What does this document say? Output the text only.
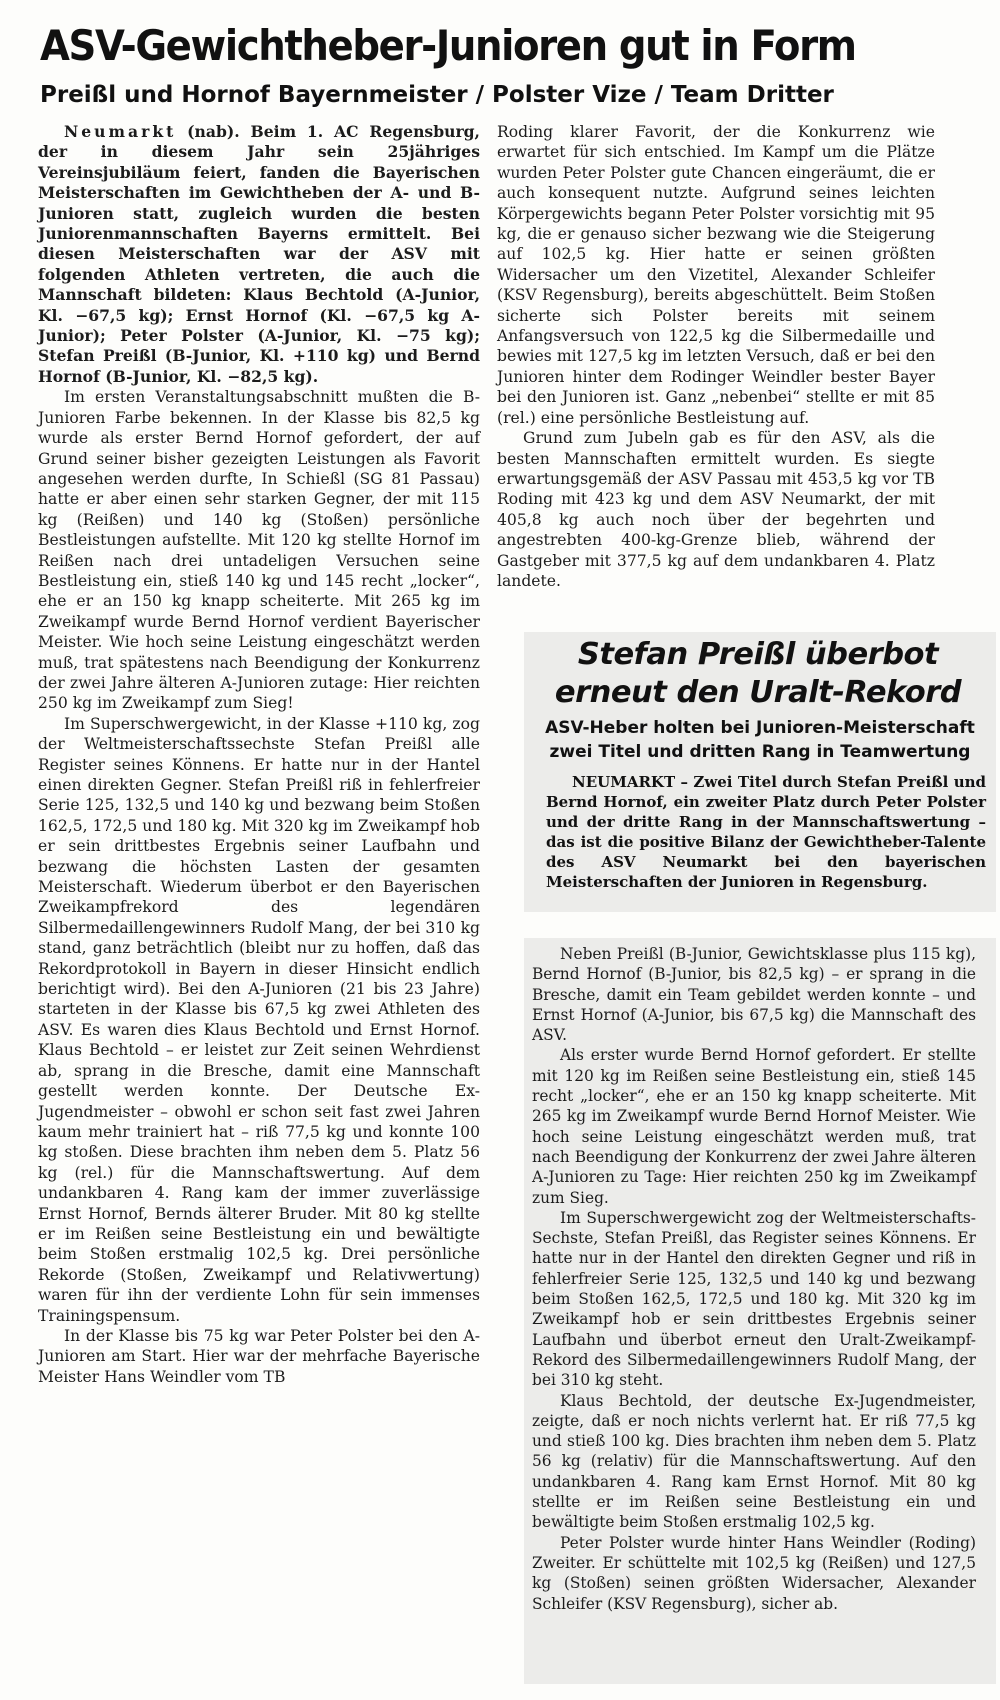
ASV-Gewichtheber-Junioren gut in Form
Preißl und Hornof Bayernmeister / Polster Vize / Team Dritter

Neumarkt (nab). Beim 1. AC Regensburg, der in diesem Jahr sein 25jähriges Vereinsjubiläum feiert, fanden die Bayerischen Meisterschaften im Gewichtheben der A- und B-Junioren statt, zugleich wurden die besten Juniorenmannschaften Bayerns ermittelt. Bei diesen Meisterschaften war der ASV mit folgenden Athleten vertreten, die auch die Mannschaft bildeten: Klaus Bechtold (A-Junior, Kl. −67,5 kg); Ernst Hornof (Kl. −67,5 kg A-Junior); Peter Polster (A-Junior, Kl. −75 kg); Stefan Preißl (B-Junior, Kl. +110 kg) und Bernd Hornof (B-Junior, Kl. −82,5 kg).

Im ersten Veranstaltungsabschnitt mußten die B-Junioren Farbe bekennen. In der Klasse bis 82,5 kg wurde als erster Bernd Hornof gefordert, der auf Grund seiner bisher gezeigten Leistungen als Favorit angesehen werden durfte, In Schießl (SG 81 Passau) hatte er aber einen sehr starken Gegner, der mit 115 kg (Reißen) und 140 kg (Stoßen) persönliche Bestleistungen aufstellte. Mit 120 kg stellte Hornof im Reißen nach drei untadeligen Versuchen seine Bestleistung ein, stieß 140 kg und 145 recht „locker“, ehe er an 150 kg knapp scheiterte. Mit 265 kg im Zweikampf wurde Bernd Hornof verdient Bayerischer Meister. Wie hoch seine Leistung eingeschätzt werden muß, trat spätestens nach Beendigung der Konkurrenz der zwei Jahre älteren A-Junioren zutage: Hier reichten 250 kg im Zweikampf zum Sieg!

Im Superschwergewicht, in der Klasse +110 kg, zog der Weltmeisterschaftssechste Stefan Preißl alle Register seines Könnens. Er hatte nur in der Hantel einen direkten Gegner. Stefan Preißl riß in fehlerfreier Serie 125, 132,5 und 140 kg und bezwang beim Stoßen 162,5, 172,5 und 180 kg. Mit 320 kg im Zweikampf hob er sein drittbestes Ergebnis seiner Laufbahn und bezwang die höchsten Lasten der gesamten Meisterschaft. Wiederum überbot er den Bayerischen Zweikampfrekord des legendären Silbermedaillengewinners Rudolf Mang, der bei 310 kg stand, ganz beträchtlich (bleibt nur zu hoffen, daß das Rekordprotokoll in Bayern in dieser Hinsicht endlich berichtigt wird). Bei den A-Junioren (21 bis 23 Jahre) starteten in der Klasse bis 67,5 kg zwei Athleten des ASV. Es waren dies Klaus Bechtold und Ernst Hornof. Klaus Bechtold – er leistet zur Zeit seinen Wehrdienst ab, sprang in die Bresche, damit eine Mannschaft gestellt werden konnte. Der Deutsche Ex-Jugendmeister – obwohl er schon seit fast zwei Jahren kaum mehr trainiert hat – riß 77,5 kg und konnte 100 kg stoßen. Diese brachten ihm neben dem 5. Platz 56 kg (rel.) für die Mannschaftswertung. Auf dem undankbaren 4. Rang kam der immer zuverlässige Ernst Hornof, Bernds älterer Bruder. Mit 80 kg stellte er im Reißen seine Bestleistung ein und bewältigte beim Stoßen erstmalig 102,5 kg. Drei persönliche Rekorde (Stoßen, Zweikampf und Relativwertung) waren für ihn der verdiente Lohn für sein immenses Trainingspensum.

In der Klasse bis 75 kg war Peter Polster bei den A-Junioren am Start. Hier war der mehrfache Bayerische Meister Hans Weindler vom TB

Roding klarer Favorit, der die Konkurrenz wie erwartet für sich entschied. Im Kampf um die Plätze wurden Peter Polster gute Chancen eingeräumt, die er auch konsequent nutzte. Aufgrund seines leichten Körpergewichts begann Peter Polster vorsichtig mit 95 kg, die er genauso sicher bezwang wie die Steigerung auf 102,5 kg. Hier hatte er seinen größten Widersacher um den Vizetitel, Alexander Schleifer (KSV Regensburg), bereits abgeschüttelt. Beim Stoßen sicherte sich Polster bereits mit seinem Anfangsversuch von 122,5 kg die Silbermedaille und bewies mit 127,5 kg im letzten Versuch, daß er bei den Junioren hinter dem Rodinger Weindler bester Bayer bei den Junioren ist. Ganz „nebenbei“ stellte er mit 85 (rel.) eine persönliche Bestleistung auf.

Grund zum Jubeln gab es für den ASV, als die besten Mannschaften ermittelt wurden. Es siegte erwartungsgemäß der ASV Passau mit 453,5 kg vor TB Roding mit 423 kg und dem ASV Neumarkt, der mit 405,8 kg auch noch über der begehrten und angestrebten 400-kg-Grenze blieb, während der Gastgeber mit 377,5 kg auf dem undankbaren 4. Platz landete.

Stefan Preißl überbot
erneut den Uralt-Rekord
ASV-Heber holten bei Junioren-Meisterschaft
zwei Titel und dritten Rang in Teamwertung

NEUMARKT – Zwei Titel durch Stefan Preißl und Bernd Hornof, ein zweiter Platz durch Peter Polster und der dritte Rang in der Mannschaftswertung – das ist die positive Bilanz der Gewichtheber-Talente des ASV Neumarkt bei den bayerischen Meisterschaften der Junioren in Regensburg.

Neben Preißl (B-Junior, Gewichtsklasse plus 115 kg), Bernd Hornof (B-Junior, bis 82,5 kg) – er sprang in die Bresche, damit ein Team gebildet werden konnte – und Ernst Hornof (A-Junior, bis 67,5 kg) die Mannschaft des ASV.

Als erster wurde Bernd Hornof gefordert. Er stellte mit 120 kg im Reißen seine Bestleistung ein, stieß 145 recht „locker“, ehe er an 150 kg knapp scheiterte. Mit 265 kg im Zweikampf wurde Bernd Hornof Meister. Wie hoch seine Leistung eingeschätzt werden muß, trat nach Beendigung der Konkurrenz der zwei Jahre älteren A-Junioren zu Tage: Hier reichten 250 kg im Zweikampf zum Sieg.

Im Superschwergewicht zog der Weltmeisterschafts-Sechste, Stefan Preißl, das Register seines Könnens. Er hatte nur in der Hantel den direkten Gegner und riß in fehlerfreier Serie 125, 132,5 und 140 kg und bezwang beim Stoßen 162,5, 172,5 und 180 kg. Mit 320 kg im Zweikampf hob er sein drittbestes Ergebnis seiner Laufbahn und überbot erneut den Uralt-Zweikampf-Rekord des Silbermedaillengewinners Rudolf Mang, der bei 310 kg steht.

Klaus Bechtold, der deutsche Ex-Jugendmeister, zeigte, daß er noch nichts verlernt hat. Er riß 77,5 kg und stieß 100 kg. Dies brachten ihm neben dem 5. Platz 56 kg (relativ) für die Mannschaftswertung. Auf den undankbaren 4. Rang kam Ernst Hornof. Mit 80 kg stellte er im Reißen seine Bestleistung ein und bewältigte beim Stoßen erstmalig 102,5 kg.

Peter Polster wurde hinter Hans Weindler (Roding) Zweiter. Er schüttelte mit 102,5 kg (Reißen) und 127,5 kg (Stoßen) seinen größten Widersacher, Alexander Schleifer (KSV Regensburg), sicher ab.
